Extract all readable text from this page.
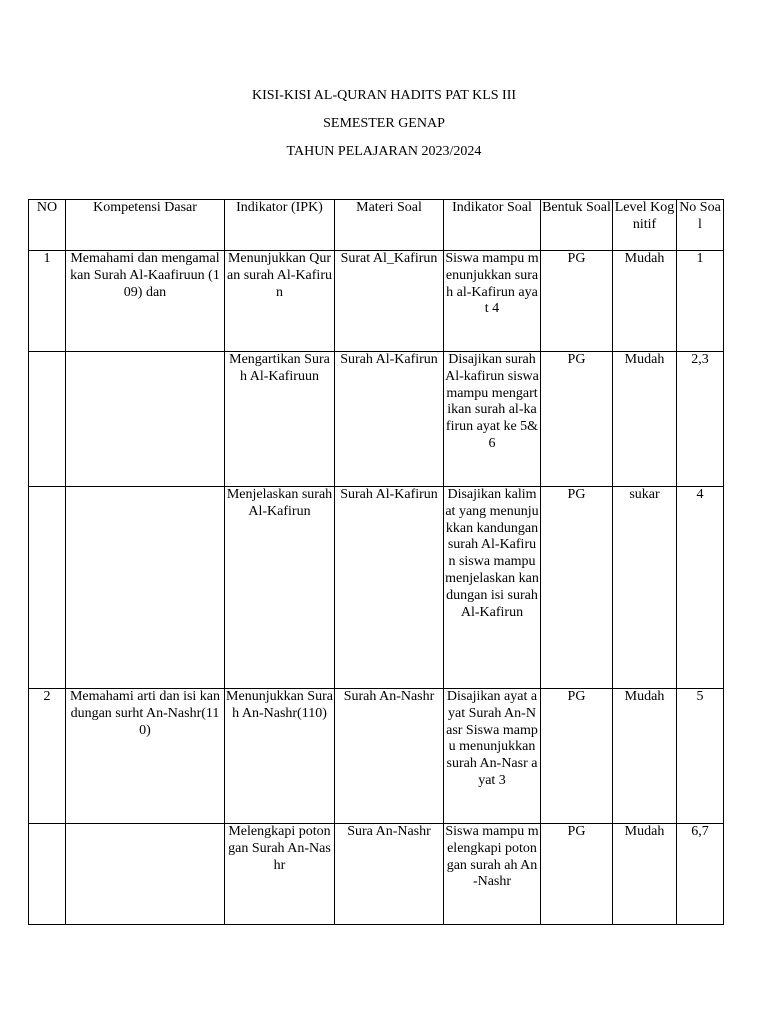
KISI-KISI AL-QURAN HADITS PAT KLS III
SEMESTER GENAP
TAHUN PELAJARAN 2023/2024
NO	Kompetensi Dasar	Indikator (IPK)	Materi Soal	Indikator Soal	Bentuk Soal	Level Kognitif	No Soal
1	Memahami dan mengamalkan Surah Al-Kaafiruun (109) dan	Menunjukkan Quran surah Al-Kafirun	Surat Al_Kafirun	Siswa mampu menunjukkan surah al-Kafirun ayat 4	PG	Mudah	1
		Mengartikan Surah Al-Kafiruun	Surah Al-Kafirun	Disajikan surah Al-kafirun siswa mampu mengartikan surah al-kafirun ayat ke 5& 6	PG	Mudah	2,3
		Menjelaskan surah Al-Kafirun	Surah Al-Kafirun	Disajikan kalimat yang menunjukkan kandungan surah Al-Kafirun siswa mampu menjelaskan kandungan isi surah Al-Kafirun	PG	sukar	4
2	Memahami arti dan isi kandungan surht An-Nashr(110)	Menunjukkan Surah An-Nashr(110)	Surah An-Nashr	Disajikan ayat ayat Surah An-Nasr Siswa mampu menunjukkan surah An-Nasr ayat 3	PG	Mudah	5
		Melengkapi potongan Surah An-Nashr	Sura An-Nashr	Siswa mampu melengkapi potongan surah ah An-Nashr	PG	Mudah	6,7
